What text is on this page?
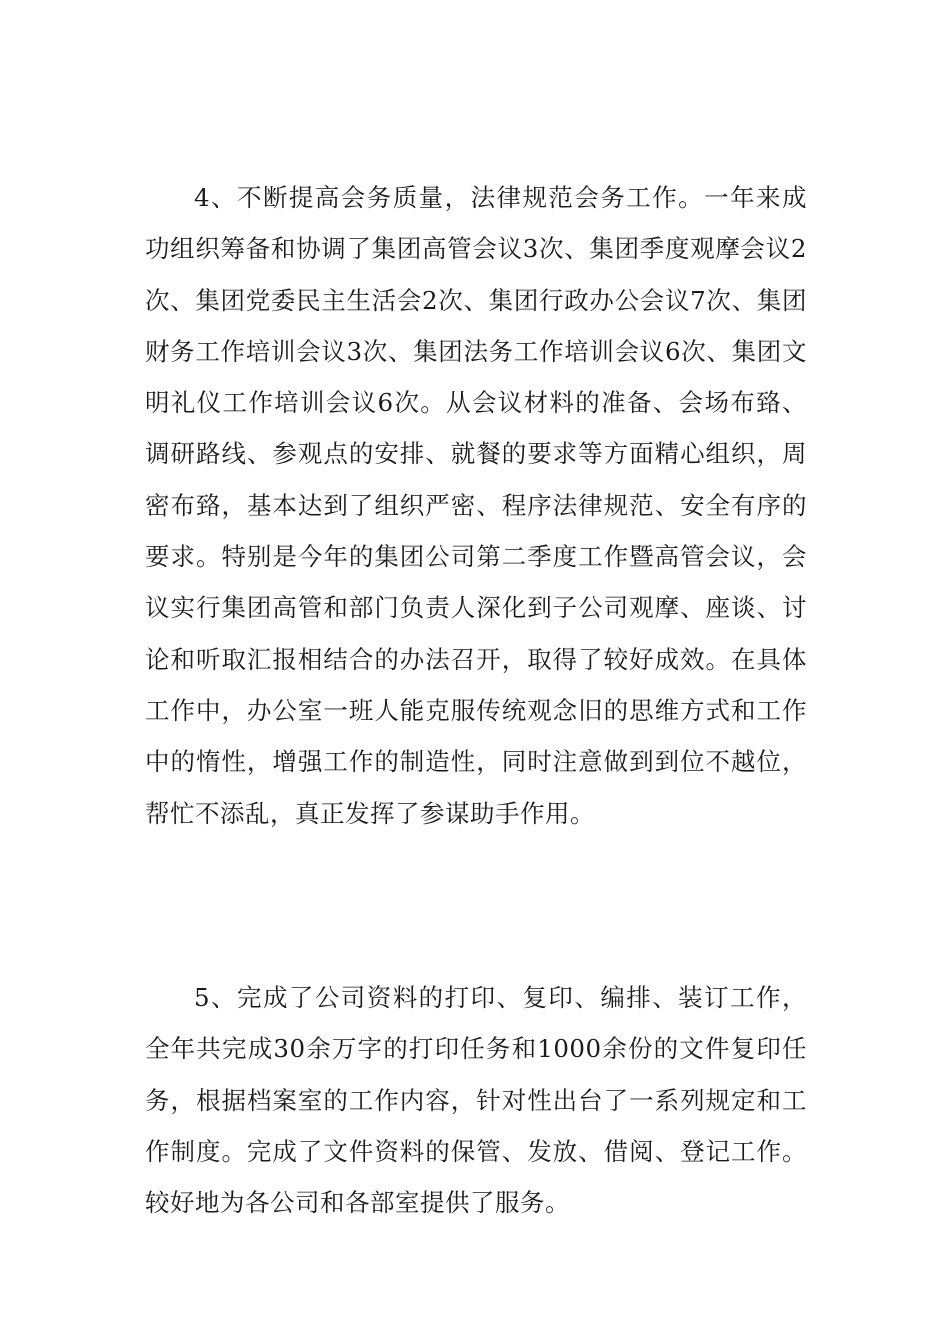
4、不断提高会务质量，法律规范会务工作。一年来成功组织筹备和协调了集团高管会议3次、集团季度观摩会议2次、集团党委民主生活会2次、集团行政办公会议7次、集团财务工作培训会议3次、集团法务工作培训会议6次、集团文明礼仪工作培训会议6次。从会议材料的准备、会场布臵、调研路线、参观点的安排、就餐的要求等方面精心组织，周密布臵，基本达到了组织严密、程序法律规范、安全有序的要求。特别是今年的集团公司第二季度工作暨高管会议，会议实行集团高管和部门负责人深化到子公司观摩、座谈、讨论和听取汇报相结合的办法召开，取得了较好成效。在具体工作中，办公室一班人能克服传统观念旧的思维方式和工作中的惰性，增强工作的制造性，同时注意做到到位不越位，帮忙不添乱，真正发挥了参谋助手作用。

5、完成了公司资料的打印、复印、编排、装订工作，全年共完成30余万字的打印任务和1000余份的文件复印任务，根据档案室的工作内容，针对性出台了一系列规定和工作制度。完成了文件资料的保管、发放、借阅、登记工作。较好地为各公司和各部室提供了服务。
